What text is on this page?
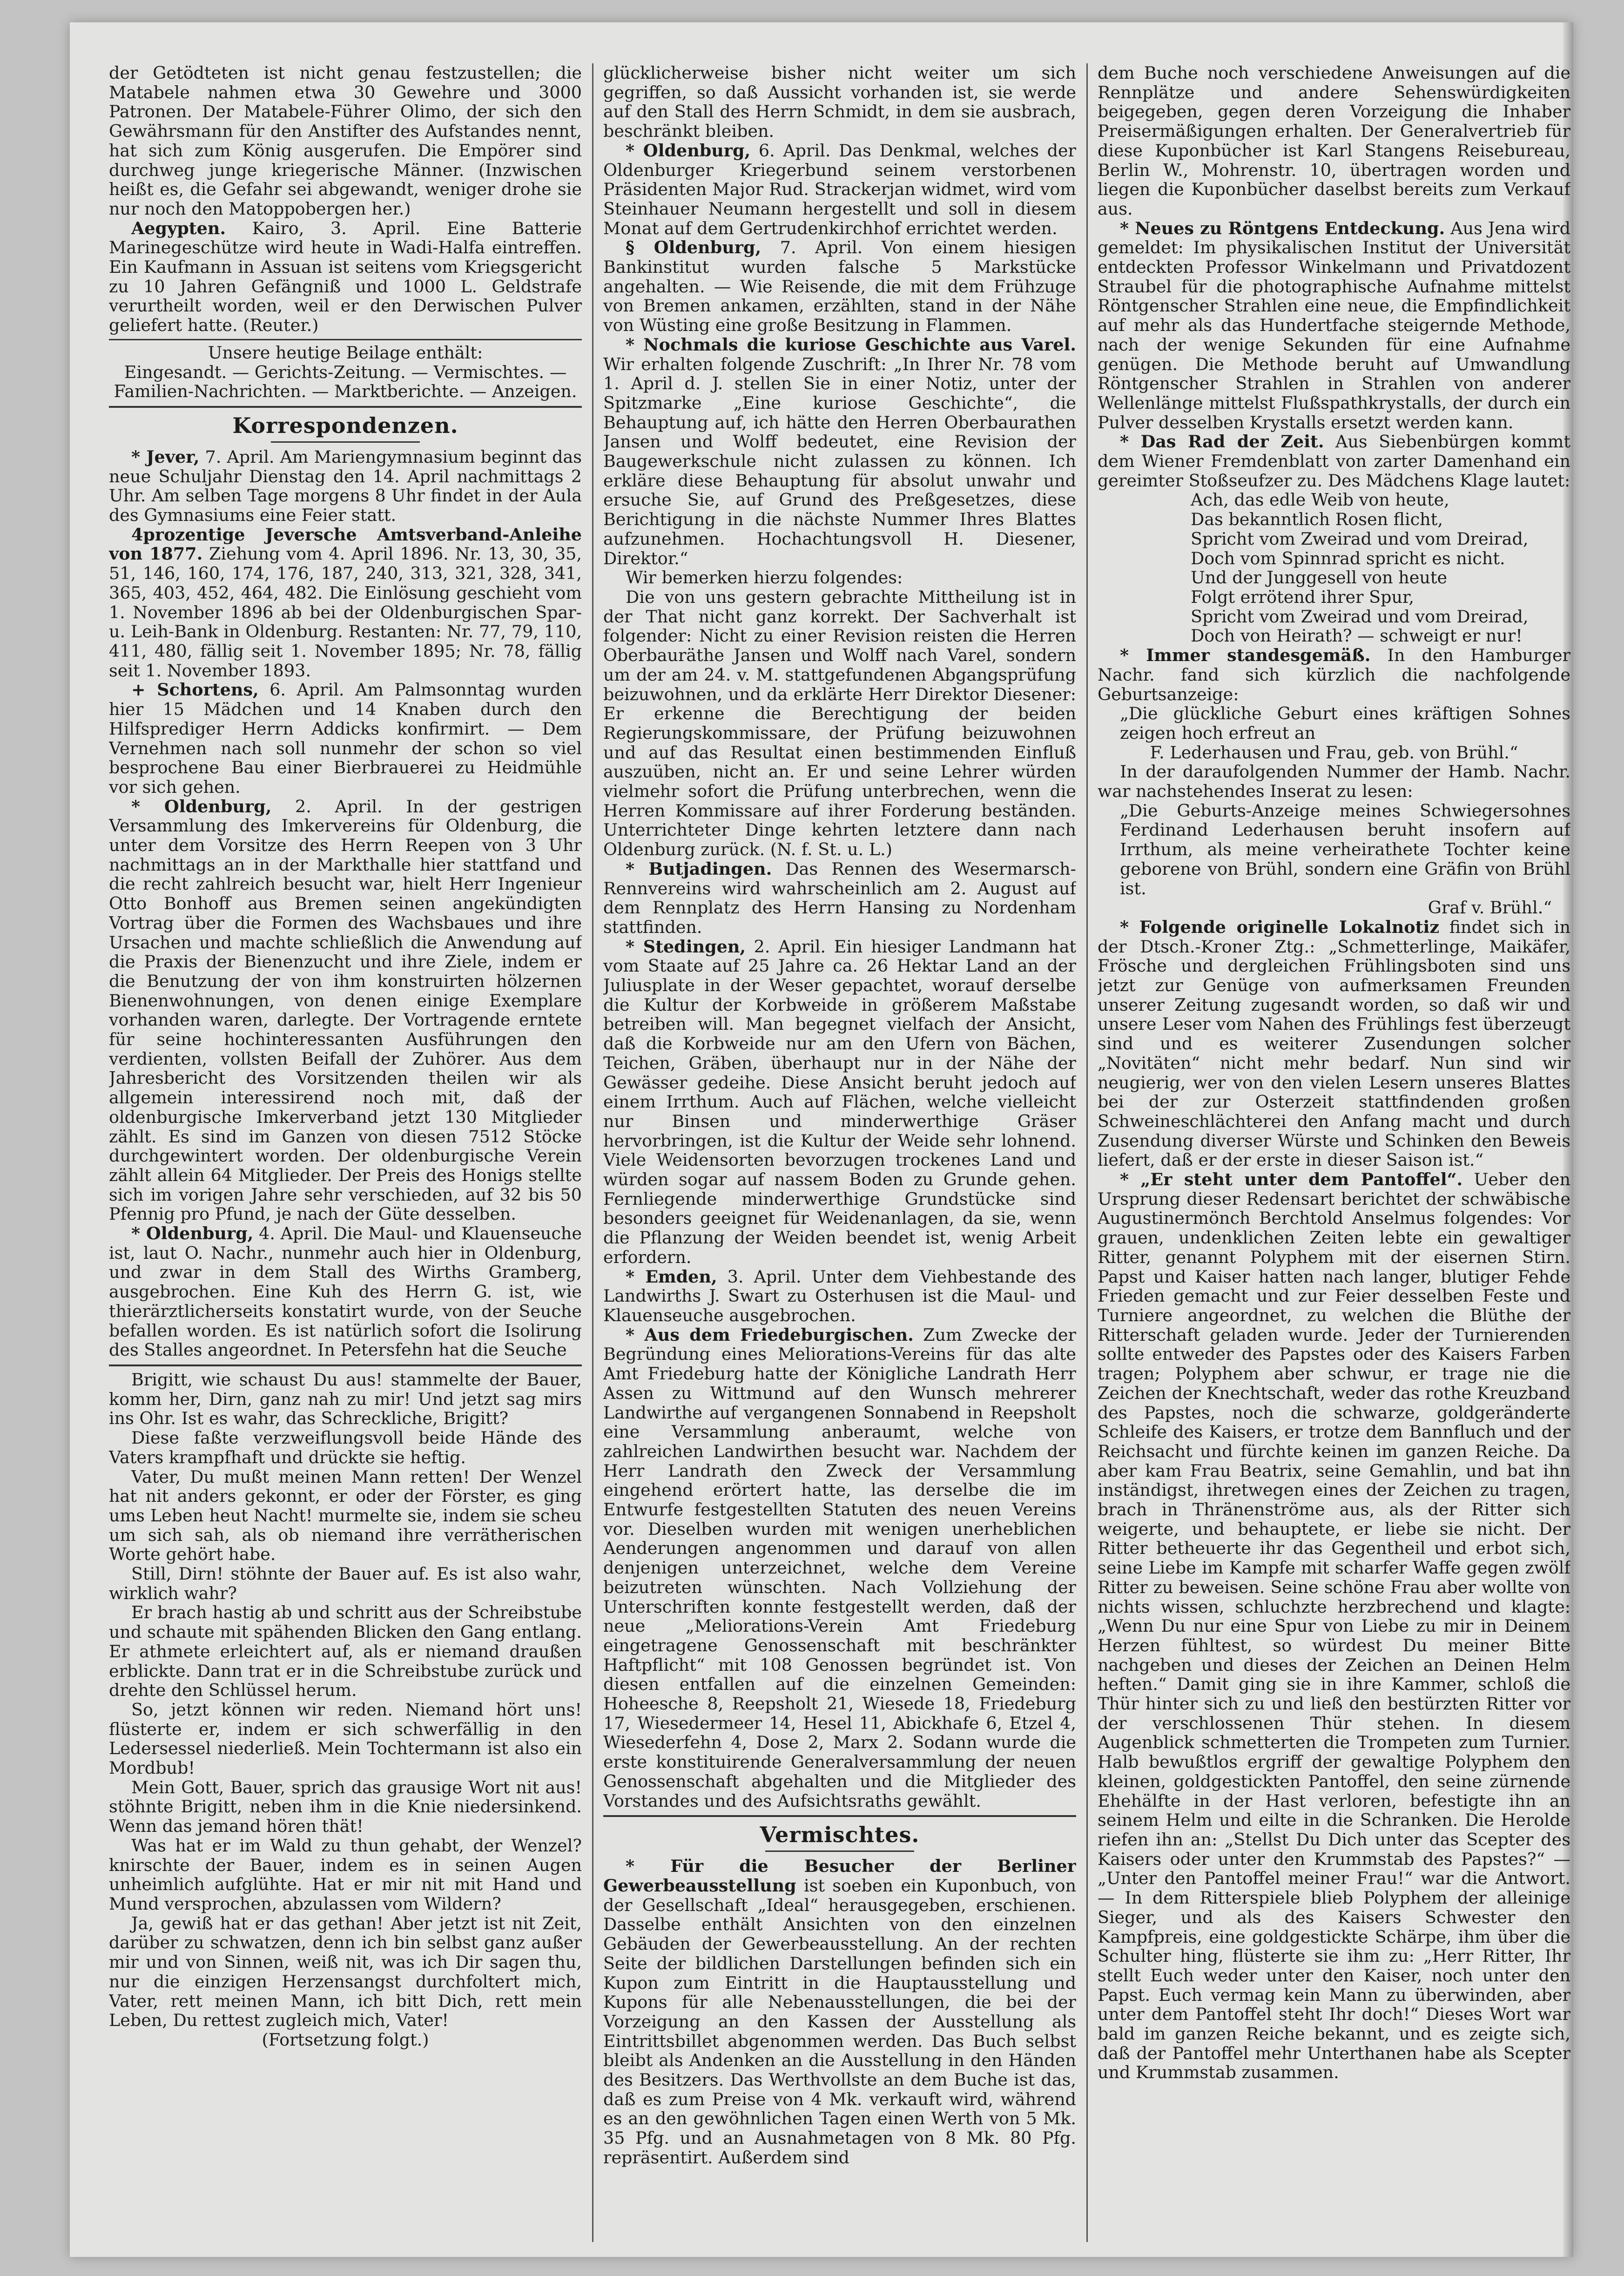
der Getödteten ist nicht genau festzustellen; die Matabele nahmen etwa 30 Gewehre und 3000 Patronen. Der Matabele-Führer Olimo, der sich den Gewährsmann für den Anstifter des Aufstandes nennt, hat sich zum König ausgerufen. Die Empörer sind durchweg junge kriegerische Männer. (Inzwischen heißt es, die Gefahr sei abgewandt, weniger drohe sie nur noch den Matoppobergen her.)

Aegypten. Kairo, 3. April. Eine Batterie Marinegeschütze wird heute in Wadi-Halfa eintreffen. Ein Kaufmann in Assuan ist seitens vom Kriegsgericht zu 10 Jahren Gefängniß und 1000 L. Geldstrafe verurtheilt worden, weil er den Derwischen Pulver geliefert hatte. (Reuter.)

Unsere heutige Beilage enthält:

Eingesandt. — Gerichts-Zeitung. — Vermischtes. —

Familien-Nachrichten. — Marktberichte. — Anzeigen.

Korrespondenzen.

* Jever, 7. April. Am Mariengymnasium beginnt das neue Schuljahr Dienstag den 14. April nachmittags 2 Uhr. Am selben Tage morgens 8 Uhr findet in der Aula des Gymnasiums eine Feier statt.

4prozentige Jeversche Amtsverband-Anleihe von 1877. Ziehung vom 4. April 1896. Nr. 13, 30, 35, 51, 146, 160, 174, 176, 187, 240, 313, 321, 328, 341, 365, 403, 452, 464, 482. Die Einlösung geschieht vom 1. November 1896 ab bei der Oldenburgischen Spar- u. Leih-Bank in Oldenburg. Restanten: Nr. 77, 79, 110, 411, 480, fällig seit 1. November 1895; Nr. 78, fällig seit 1. November 1893.

+ Schortens, 6. April. Am Palmsonntag wurden hier 15 Mädchen und 14 Knaben durch den Hilfsprediger Herrn Addicks konfirmirt. — Dem Vernehmen nach soll nunmehr der schon so viel besprochene Bau einer Bierbrauerei zu Heidmühle vor sich gehen.

* Oldenburg, 2. April. In der gestrigen Versammlung des Imkervereins für Oldenburg, die unter dem Vorsitze des Herrn Reepen von 3 Uhr nachmittags an in der Markthalle hier stattfand und die recht zahlreich besucht war, hielt Herr Ingenieur Otto Bonhoff aus Bremen seinen angekündigten Vortrag über die Formen des Wachsbaues und ihre Ursachen und machte schließlich die Anwendung auf die Praxis der Bienenzucht und ihre Ziele, indem er die Benutzung der von ihm konstruirten hölzernen Bienenwohnungen, von denen einige Exemplare vorhanden waren, darlegte. Der Vortragende erntete für seine hochinteressanten Ausführungen den verdienten, vollsten Beifall der Zuhörer. Aus dem Jahresbericht des Vorsitzenden theilen wir als allgemein interessirend noch mit, daß der oldenburgische Imkerverband jetzt 130 Mitglieder zählt. Es sind im Ganzen von diesen 7512 Stöcke durchgewintert worden. Der oldenburgische Verein zählt allein 64 Mitglieder. Der Preis des Honigs stellte sich im vorigen Jahre sehr verschieden, auf 32 bis 50 Pfennig pro Pfund, je nach der Güte desselben.

* Oldenburg, 4. April. Die Maul- und Klauenseuche ist, laut O. Nachr., nunmehr auch hier in Oldenburg, und zwar in dem Stall des Wirths Gramberg, ausgebrochen. Eine Kuh des Herrn G. ist, wie thierärztlicherseits konstatirt wurde, von der Seuche befallen worden. Es ist natürlich sofort die Isolirung des Stalles angeordnet. In Petersfehn hat die Seuche

Brigitt, wie schaust Du aus! stammelte der Bauer, komm her, Dirn, ganz nah zu mir! Und jetzt sag mirs ins Ohr. Ist es wahr, das Schreckliche, Brigitt?

Diese faßte verzweiflungsvoll beide Hände des Vaters krampfhaft und drückte sie heftig.

Vater, Du mußt meinen Mann retten! Der Wenzel hat nit anders gekonnt, er oder der Förster, es ging ums Leben heut Nacht! murmelte sie, indem sie scheu um sich sah, als ob niemand ihre verrätherischen Worte gehört habe.

Still, Dirn! stöhnte der Bauer auf. Es ist also wahr, wirklich wahr?

Er brach hastig ab und schritt aus der Schreibstube und schaute mit spähenden Blicken den Gang entlang. Er athmete erleichtert auf, als er niemand draußen erblickte. Dann trat er in die Schreibstube zurück und drehte den Schlüssel herum.

So, jetzt können wir reden. Niemand hört uns! flüsterte er, indem er sich schwerfällig in den Ledersessel niederließ. Mein Tochtermann ist also ein Mordbub!

Mein Gott, Bauer, sprich das grausige Wort nit aus! stöhnte Brigitt, neben ihm in die Knie niedersinkend. Wenn das jemand hören thät!

Was hat er im Wald zu thun gehabt, der Wenzel? knirschte der Bauer, indem es in seinen Augen unheimlich aufglühte. Hat er mir nit mit Hand und Mund versprochen, abzulassen vom Wildern?

Ja, gewiß hat er das gethan! Aber jetzt ist nit Zeit, darüber zu schwatzen, denn ich bin selbst ganz außer mir und von Sinnen, weiß nit, was ich Dir sagen thu, nur die einzigen Herzensangst durchfoltert mich, Vater, rett meinen Mann, ich bitt Dich, rett mein Leben, Du rettest zugleich mich, Vater!

(Fortsetzung folgt.)

glücklicherweise bisher nicht weiter um sich gegriffen, so daß Aussicht vorhanden ist, sie werde auf den Stall des Herrn Schmidt, in dem sie ausbrach, beschränkt bleiben.

* Oldenburg, 6. April. Das Denkmal, welches der Oldenburger Kriegerbund seinem verstorbenen Präsidenten Major Rud. Strackerjan widmet, wird vom Steinhauer Neumann hergestellt und soll in diesem Monat auf dem Gertrudenkirchhof errichtet werden.

§ Oldenburg, 7. April. Von einem hiesigen Bankinstitut wurden falsche 5 Markstücke angehalten. — Wie Reisende, die mit dem Frühzuge von Bremen ankamen, erzählten, stand in der Nähe von Wüsting eine große Besitzung in Flammen.

* Nochmals die kuriose Geschichte aus Varel. Wir erhalten folgende Zuschrift: „In Ihrer Nr. 78 vom 1. April d. J. stellen Sie in einer Notiz, unter der Spitzmarke „Eine kuriose Geschichte“, die Behauptung auf, ich hätte den Herren Oberbaurathen Jansen und Wolff bedeutet, eine Revision der Baugewerkschule nicht zulassen zu können. Ich erkläre diese Behauptung für absolut unwahr und ersuche Sie, auf Grund des Preßgesetzes, diese Berichtigung in die nächste Nummer Ihres Blattes aufzunehmen. Hochachtungsvoll H. Diesener, Direktor.“

Wir bemerken hierzu folgendes:

Die von uns gestern gebrachte Mittheilung ist in der That nicht ganz korrekt. Der Sachverhalt ist folgender: Nicht zu einer Revision reisten die Herren Oberbauräthe Jansen und Wolff nach Varel, sondern um der am 24. v. M. stattgefundenen Abgangsprüfung beizuwohnen, und da erklärte Herr Direktor Diesener: Er erkenne die Berechtigung der beiden Regierungskommissare, der Prüfung beizuwohnen und auf das Resultat einen bestimmenden Einfluß auszuüben, nicht an. Er und seine Lehrer würden vielmehr sofort die Prüfung unterbrechen, wenn die Herren Kommissare auf ihrer Forderung beständen. Unterrichteter Dinge kehrten letztere dann nach Oldenburg zurück. (N. f. St. u. L.)

* Butjadingen. Das Rennen des Wesermarsch-Rennvereins wird wahrscheinlich am 2. August auf dem Rennplatz des Herrn Hansing zu Nordenham stattfinden.

* Stedingen, 2. April. Ein hiesiger Landmann hat vom Staate auf 25 Jahre ca. 26 Hektar Land an der Juliusplate in der Weser gepachtet, worauf derselbe die Kultur der Korbweide in größerem Maßstabe betreiben will. Man begegnet vielfach der Ansicht, daß die Korbweide nur am den Ufern von Bächen, Teichen, Gräben, überhaupt nur in der Nähe der Gewässer gedeihe. Diese Ansicht beruht jedoch auf einem Irrthum. Auch auf Flächen, welche vielleicht nur Binsen und minderwerthige Gräser hervorbringen, ist die Kultur der Weide sehr lohnend. Viele Weidensorten bevorzugen trockenes Land und würden sogar auf nassem Boden zu Grunde gehen. Fernliegende minderwerthige Grundstücke sind besonders geeignet für Weidenanlagen, da sie, wenn die Pflanzung der Weiden beendet ist, wenig Arbeit erfordern.

* Emden, 3. April. Unter dem Viehbestande des Landwirths J. Swart zu Osterhusen ist die Maul- und Klauenseuche ausgebrochen.

* Aus dem Friedeburgischen. Zum Zwecke der Begründung eines Meliorations-Vereins für das alte Amt Friedeburg hatte der Königliche Landrath Herr Assen zu Wittmund auf den Wunsch mehrerer Landwirthe auf vergangenen Sonnabend in Reepsholt eine Versammlung anberaumt, welche von zahlreichen Landwirthen besucht war. Nachdem der Herr Landrath den Zweck der Versammlung eingehend erörtert hatte, las derselbe die im Entwurfe festgestellten Statuten des neuen Vereins vor. Dieselben wurden mit wenigen unerheblichen Aenderungen angenommen und darauf von allen denjenigen unterzeichnet, welche dem Vereine beizutreten wünschten. Nach Vollziehung der Unterschriften konnte festgestellt werden, daß der neue „Meliorations-Verein Amt Friedeburg eingetragene Genossenschaft mit beschränkter Haftpflicht“ mit 108 Genossen begründet ist. Von diesen entfallen auf die einzelnen Gemeinden: Hoheesche 8, Reepsholt 21, Wiesede 18, Friedeburg 17, Wiesedermeer 14, Hesel 11, Abickhafe 6, Etzel 4, Wiesederfehn 4, Dose 2, Marx 2. Sodann wurde die erste konstituirende Generalversammlung der neuen Genossenschaft abgehalten und die Mitglieder des Vorstandes und des Aufsichtsraths gewählt.

Vermischtes.

* Für die Besucher der Berliner Gewerbeausstellung ist soeben ein Kuponbuch, von der Gesellschaft „Ideal“ herausgegeben, erschienen. Dasselbe enthält Ansichten von den einzelnen Gebäuden der Gewerbeausstellung. An der rechten Seite der bildlichen Darstellungen befinden sich ein Kupon zum Eintritt in die Hauptausstellung und Kupons für alle Nebenausstellungen, die bei der Vorzeigung an den Kassen der Ausstellung als Eintrittsbillet abgenommen werden. Das Buch selbst bleibt als Andenken an die Ausstellung in den Händen des Besitzers. Das Werthvollste an dem Buche ist das, daß es zum Preise von 4 Mk. verkauft wird, während es an den gewöhnlichen Tagen einen Werth von 5 Mk. 35 Pfg. und an Ausnahmetagen von 8 Mk. 80 Pfg. repräsentirt. Außerdem sind

dem Buche noch verschiedene Anweisungen auf die Rennplätze und andere Sehenswürdigkeiten beigegeben, gegen deren Vorzeigung die Inhaber Preisermäßigungen erhalten. Der Generalvertrieb für diese Kuponbücher ist Karl Stangens Reisebureau, Berlin W., Mohrenstr. 10, übertragen worden und liegen die Kuponbücher daselbst bereits zum Verkauf aus.

* Neues zu Röntgens Entdeckung. Aus Jena wird gemeldet: Im physikalischen Institut der Universität entdeckten Professor Winkelmann und Privatdozent Straubel für die photographische Aufnahme mittelst Röntgenscher Strahlen eine neue, die Empfindlichkeit auf mehr als das Hundertfache steigernde Methode, nach der wenige Sekunden für eine Aufnahme genügen. Die Methode beruht auf Umwandlung Röntgenscher Strahlen in Strahlen von anderer Wellenlänge mittelst Flußspathkrystalls, der durch ein Pulver desselben Krystalls ersetzt werden kann.

* Das Rad der Zeit. Aus Siebenbürgen kommt dem Wiener Fremdenblatt von zarter Damenhand ein gereimter Stoßseufzer zu. Des Mädchens Klage lautet:

Ach, das edle Weib von heute,

Das bekanntlich Rosen flicht,

Spricht vom Zweirad und vom Dreirad,

Doch vom Spinnrad spricht es nicht.

Und der Junggesell von heute

Folgt errötend ihrer Spur,

Spricht vom Zweirad und vom Dreirad,

Doch von Heirath? — schweigt er nur!

* Immer standesgemäß. In den Hamburger Nachr. fand sich kürzlich die nachfolgende Geburtsanzeige:

„Die glückliche Geburt eines kräftigen Sohnes zeigen hoch erfreut an

F. Lederhausen und Frau, geb. von Brühl.“

In der daraufolgenden Nummer der Hamb. Nachr. war nachstehendes Inserat zu lesen:

„Die Geburts-Anzeige meines Schwiegersohnes Ferdinand Lederhausen beruht insofern auf Irrthum, als meine verheirathete Tochter keine geborene von Brühl, sondern eine Gräfin von Brühl ist.

Graf v. Brühl.“

* Folgende originelle Lokalnotiz findet sich in der Dtsch.-Kroner Ztg.: „Schmetterlinge, Maikäfer, Frösche und dergleichen Frühlingsboten sind uns jetzt zur Genüge von aufmerksamen Freunden unserer Zeitung zugesandt worden, so daß wir und unsere Leser vom Nahen des Frühlings fest überzeugt sind und es weiterer Zusendungen solcher „Novitäten“ nicht mehr bedarf. Nun sind wir neugierig, wer von den vielen Lesern unseres Blattes bei der zur Osterzeit stattfindenden großen Schweineschlächterei den Anfang macht und durch Zusendung diverser Würste und Schinken den Beweis liefert, daß er der erste in dieser Saison ist.“

* „Er steht unter dem Pantoffel“. Ueber den Ursprung dieser Redensart berichtet der schwäbische Augustinermönch Berchtold Anselmus folgendes: Vor grauen, undenklichen Zeiten lebte ein gewaltiger Ritter, genannt Polyphem mit der eisernen Stirn. Papst und Kaiser hatten nach langer, blutiger Fehde Frieden gemacht und zur Feier desselben Feste und Turniere angeordnet, zu welchen die Blüthe der Ritterschaft geladen wurde. Jeder der Turnierenden sollte entweder des Papstes oder des Kaisers Farben tragen; Polyphem aber schwur, er trage nie die Zeichen der Knechtschaft, weder das rothe Kreuzband des Papstes, noch die schwarze, goldgeränderte Schleife des Kaisers, er trotze dem Bannfluch und der Reichsacht und fürchte keinen im ganzen Reiche. Da aber kam Frau Beatrix, seine Gemahlin, und bat ihn inständigst, ihretwegen eines der Zeichen zu tragen, brach in Thränenströme aus, als der Ritter sich weigerte, und behauptete, er liebe sie nicht. Der Ritter betheuerte ihr das Gegentheil und erbot sich, seine Liebe im Kampfe mit scharfer Waffe gegen zwölf Ritter zu beweisen. Seine schöne Frau aber wollte von nichts wissen, schluchzte herzbrechend und klagte: „Wenn Du nur eine Spur von Liebe zu mir in Deinem Herzen fühltest, so würdest Du meiner Bitte nachgeben und dieses der Zeichen an Deinen Helm heften.“ Damit ging sie in ihre Kammer, schloß die Thür hinter sich zu und ließ den bestürzten Ritter vor der verschlossenen Thür stehen. In diesem Augenblick schmetterten die Trompeten zum Turnier. Halb bewußtlos ergriff der gewaltige Polyphem den kleinen, goldgestickten Pantoffel, den seine zürnende Ehehälfte in der Hast verloren, befestigte ihn an seinem Helm und eilte in die Schranken. Die Herolde riefen ihn an: „Stellst Du Dich unter das Scepter des Kaisers oder unter den Krummstab des Papstes?“ — „Unter den Pantoffel meiner Frau!“ war die Antwort. — In dem Ritterspiele blieb Polyphem der alleinige Sieger, und als des Kaisers Schwester den Kampfpreis, eine goldgestickte Schärpe, ihm über die Schulter hing, flüsterte sie ihm zu: „Herr Ritter, Ihr stellt Euch weder unter den Kaiser, noch unter den Papst. Euch vermag kein Mann zu überwinden, aber unter dem Pantoffel steht Ihr doch!“ Dieses Wort war bald im ganzen Reiche bekannt, und es zeigte sich, daß der Pantoffel mehr Unterthanen habe als Scepter und Krummstab zusammen.
